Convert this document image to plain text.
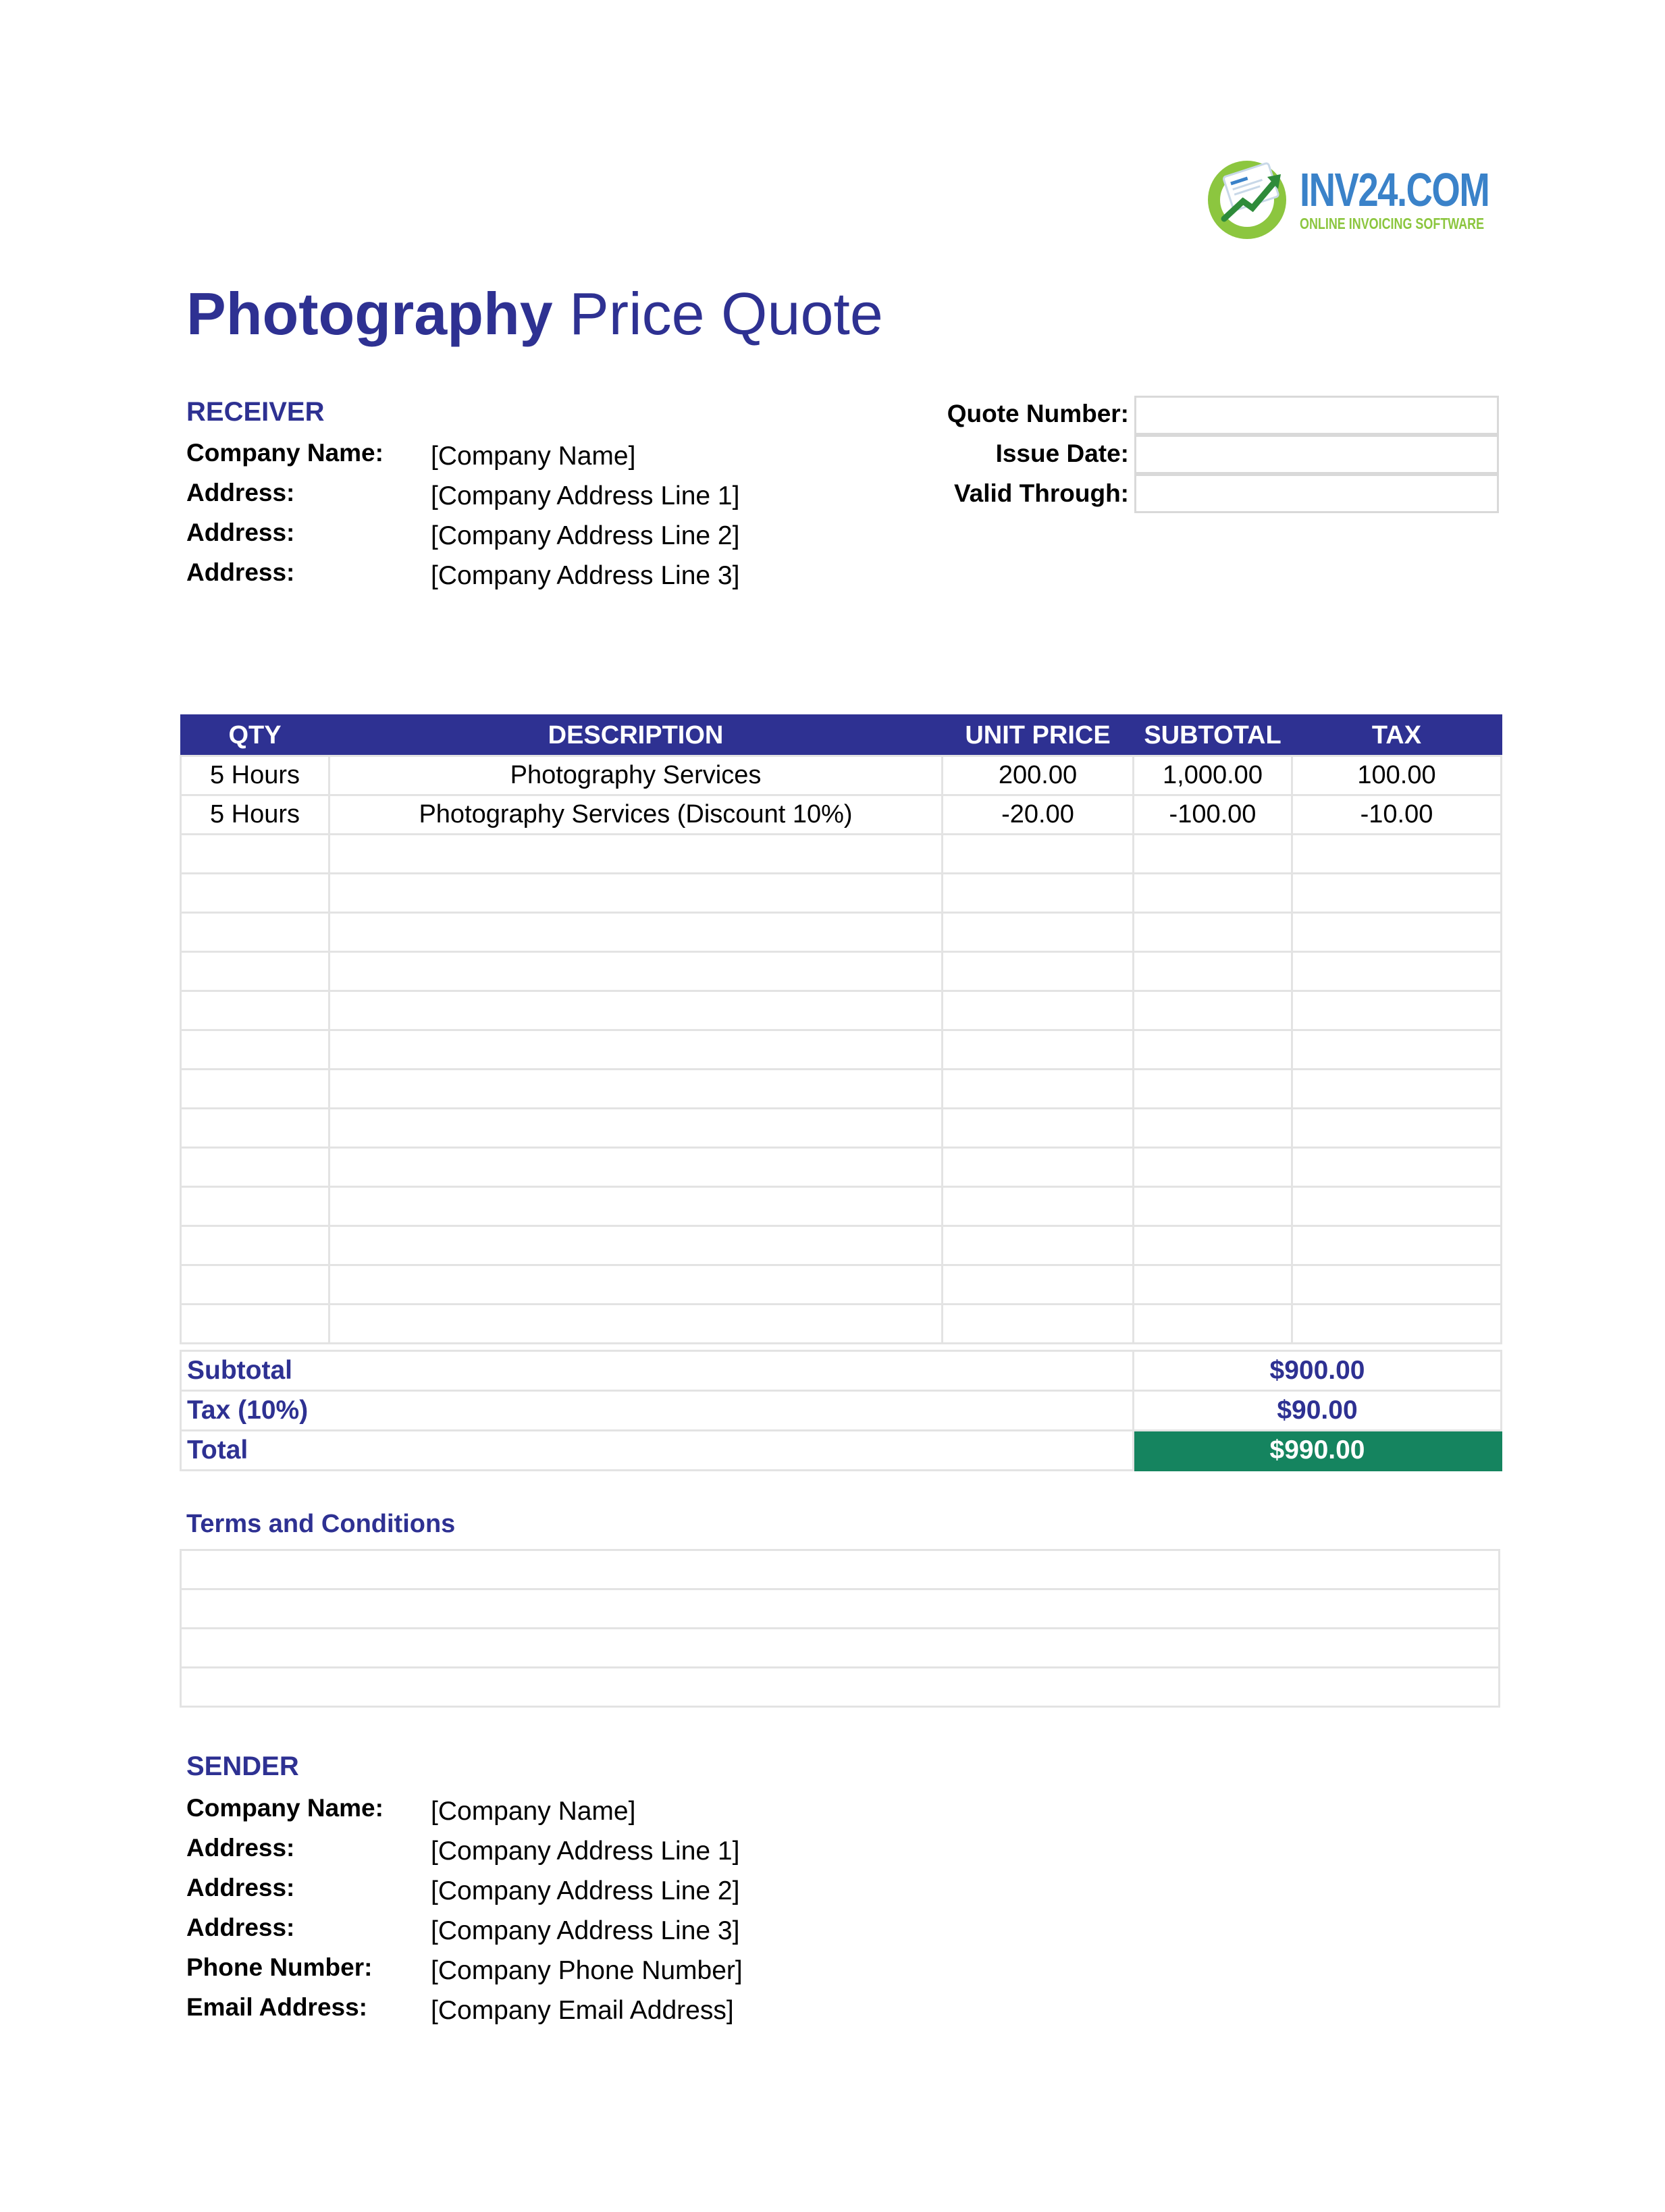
INV24.COM
ONLINE INVOICING SOFTWARE
Photography Price Quote
RECEIVER
Company Name: [Company Name]
Address:	[Company Address Line 1]
Address:	[Company Address Line 2]
Address:	[Company Address Line 3]
Quote Number:
Issue Date:
Valid Through:
QTY	DESCRIPTION	UNIT PRICE	SUBTOTAL	TAX
5 Hours	Photography Services	200.00	1,000.00	100.00
5 Hours	Photography Services (Discount 10%)	-20.00	-100.00	-10.00

Subtotal	$900.00
Tax (10%)	$90.00
Total	$990.00
Terms and Conditions

SENDER
Company Name: [Company Name]
Address:	[Company Address Line 1]
Address:	[Company Address Line 2]
Address:	[Company Address Line 3]
Phone Number: [Company Phone Number]
Email Address: [Company Email Address]
